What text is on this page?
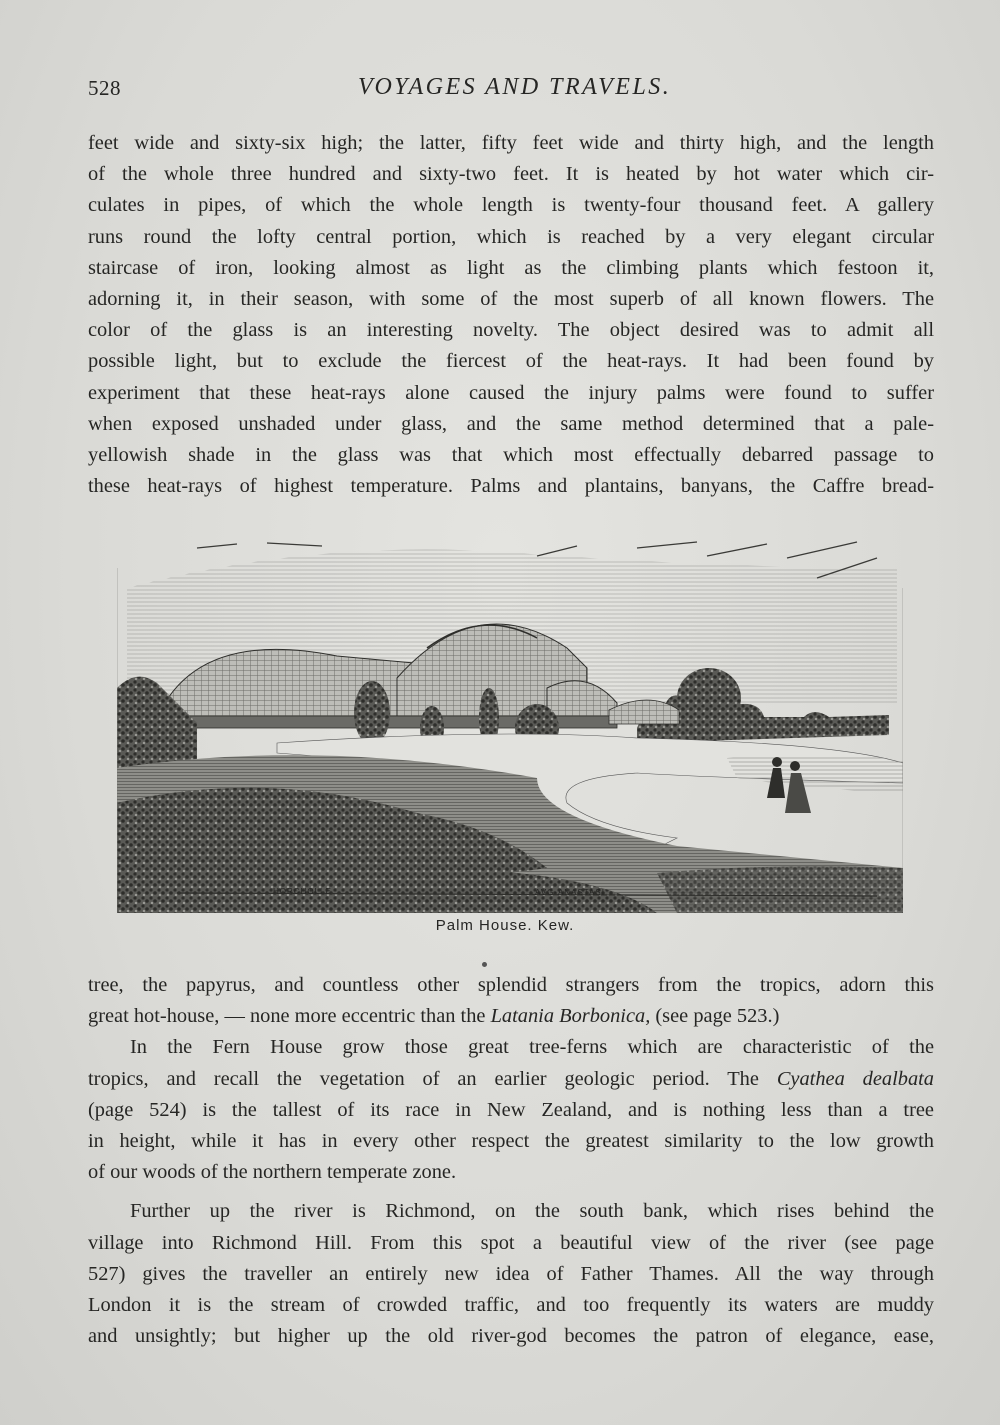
528	VOYAGES AND TRAVELS.
feet wide and sixty-six high; the latter, fifty feet wide and thirty high, and the length
of the whole three hundred and sixty-two feet. It is heated by hot water which cir-
culates in pipes, of which the whole length is twenty-four thousand feet. A gallery
runs round the lofty central portion, which is reached by a very elegant circular
staircase of iron, looking almost as light as the climbing plants which festoon it,
adorning it, in their season, with some of the most superb of all known flowers. The
color of the glass is an interesting novelty. The object desired was to admit all
possible light, but to exclude the fiercest of the heat-rays. It had been found by
experiment that these heat-rays alone caused the injury palms were found to suffer
when exposed unshaded under glass, and the same method determined that a pale-
yellowish shade in the glass was that which most effectually debarred passage to
these heat-rays of highest temperature. Palms and plantains, banyans, the Caffre bread-
HORCHOLLE	AVG·ANASTASI
Palm House. Kew.
tree, the papyrus, and countless other splendid strangers from the tropics, adorn this
great hot-house, — none more eccentric than the Latania Borbonica, (see page 523.)
In the Fern House grow those great tree-ferns which are characteristic of the
tropics, and recall the vegetation of an earlier geologic period. The Cyathea dealbata
(page 524) is the tallest of its race in New Zealand, and is nothing less than a tree
in height, while it has in every other respect the greatest similarity to the low growth
of our woods of the northern temperate zone.
Further up the river is Richmond, on the south bank, which rises behind the
village into Richmond Hill. From this spot a beautiful view of the river (see page
527) gives the traveller an entirely new idea of Father Thames. All the way through
London it is the stream of crowded traffic, and too frequently its waters are muddy
and unsightly; but higher up the old river-god becomes the patron of elegance, ease,
